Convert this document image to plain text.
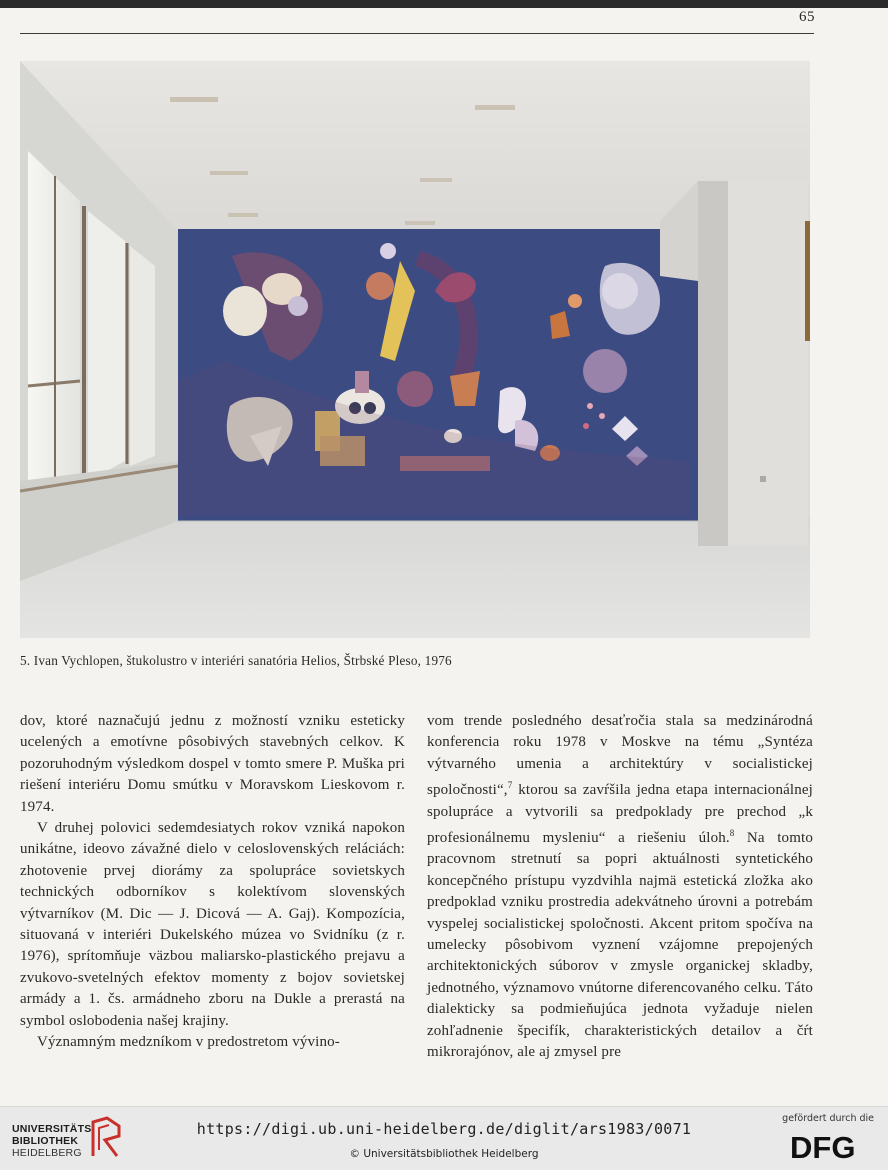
65
5. Ivan Vychlopen, štukolustro v interiéri sanatória Helios, Štrbské Pleso, 1976

dov, ktoré naznačujú jednu z možností vzniku esteticky ucelených a emotívne pôsobivých stavebných celkov. K pozoruhodným výsledkom dospel v tomto smere P. Muška pri riešení interiéru Domu smútku v Moravskom Lieskovom r. 1974.

V druhej polovici sedemdesiatych rokov vzniká napokon unikátne, ideovo závažné dielo v celoslovenských reláciách: zhotovenie prvej diorámy za spolupráce sovietskych technických odborníkov s kolektívom slovenských výtvarníkov (M. Dic — J. Dicová — A. Gaj). Kompozícia, situovaná v interiéri Dukelského múzea vo Svidníku (z r. 1976), sprítomňuje väzbou maliarsko-plastického prejavu a zvukovo-svetelných efektov momenty z bojov sovietskej armády a 1. čs. armádneho zboru na Dukle a prerastá na symbol oslobodenia našej krajiny.

Významným medzníkom v predostretom vývino-

vom trende posledného desaťročia stala sa medzinárodná konferencia roku 1978 v Moskve na tému „Syntéza výtvarného umenia a architektúry v socialistickej spoločnosti“,$^7$ ktorou sa zavŕšila jedna etapa internacionálnej spolupráce a vytvorili sa predpoklady pre prechod „k profesionálnemu mysleniu“ a riešeniu úloh.$^8$ Na tomto pracovnom stretnutí sa popri aktuálnosti syntetického koncepčného prístupu vyzdvihla najmä estetická zložka ako predpoklad vzniku prostredia adekvátneho úrovni a potrebám vyspelej socialistickej spoločnosti. Akcent pritom spočíva na umelecky pôsobivom vyznení vzájomne prepojených architektonických súborov v zmysle organickej skladby, jednotného, významovo vnútorne diferencovaného celku. Táto dialekticky sa podmieňujúca jednota vyžaduje nielen zohľadnenie špecifík, charakteristických detailov a čŕt mikrorajónov, ale aj zmysel pre

UNIVERSITÄTS-
BIBLIOTHEK
HEIDELBERG
https://digi.ub.uni-heidelberg.de/diglit/ars1983/0071
© Universitätsbibliothek Heidelberg
gefördert durch die
DFG
